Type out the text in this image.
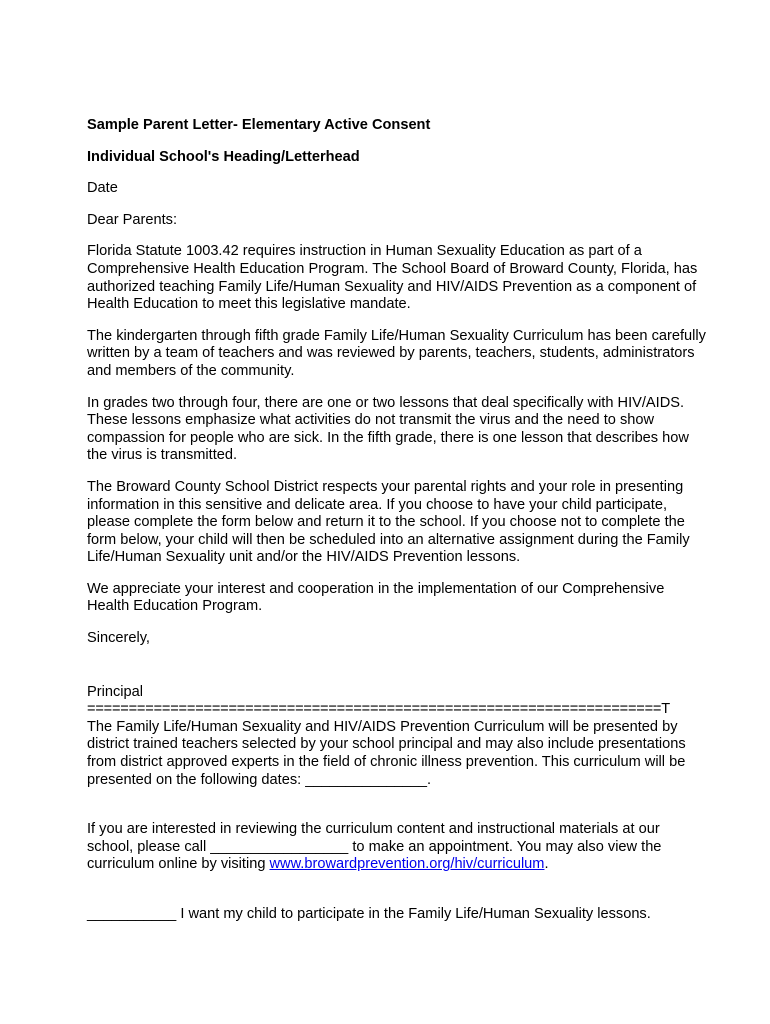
Sample Parent Letter- Elementary Active Consent

Individual School's Heading/Letterhead

Date

Dear Parents:

Florida Statute 1003.42 requires instruction in Human Sexuality Education as part of a Comprehensive Health Education Program. The School Board of Broward County, Florida, has authorized teaching Family Life/Human Sexuality and HIV/AIDS Prevention as a component of Health Education to meet this legislative mandate.

The kindergarten through fifth grade Family Life/Human Sexuality Curriculum has been carefully written by a team of teachers and was reviewed by parents, teachers, students, administrators and members of the community.

In grades two through four, there are one or two lessons that deal specifically with HIV/AIDS. These lessons emphasize what activities do not transmit the virus and the need to show compassion for people who are sick. In the fifth grade, there is one lesson that describes how the virus is transmitted.

The Broward County School District respects your parental rights and your role in presenting information in this sensitive and delicate area. If you choose to have your child participate, please complete the form below and return it to the school. If you choose not to complete the form below, your child will then be scheduled into an alternative assignment during the Family Life/Human Sexuality unit and/or the HIV/AIDS Prevention lessons.

We appreciate your interest and cooperation in the implementation of our Comprehensive Health Education Program.

Sincerely,

Principal

=====================================================================T

The Family Life/Human Sexuality and HIV/AIDS Prevention Curriculum will be presented by district trained teachers selected by your school principal and may also include presentations from district approved experts in the field of chronic illness prevention. This curriculum will be presented on the following dates: _______________.

If you are interested in reviewing the curriculum content and instructional materials at our school, please call _________________ to make an appointment. You may also view the curriculum online by visiting www.browardprevention.org/hiv/curriculum.

___________ I want my child to participate in the Family Life/Human Sexuality lessons.
